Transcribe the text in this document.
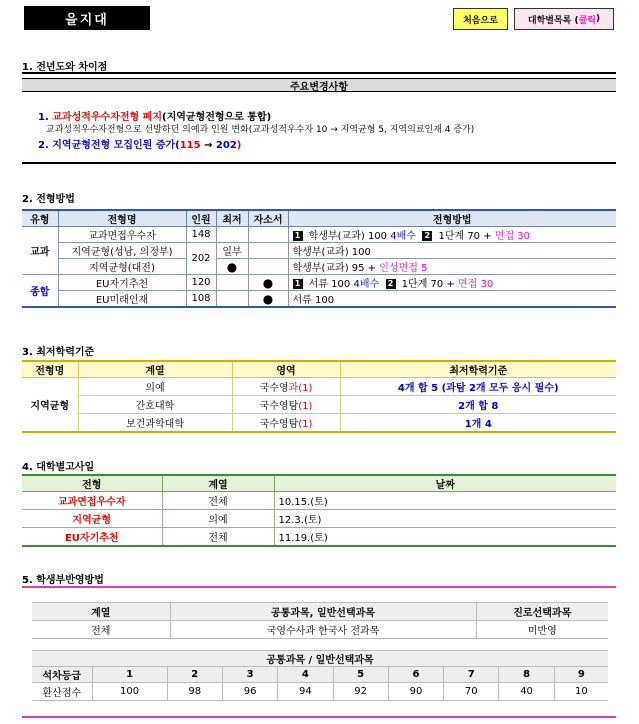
을지대	처음으로	대학별목록 ( 클릭 )
1. 전년도와 차이점
주요변경사항
1. 교과성적우수자전형 폐지(지역균형전형으로 통합)
교과성적우수자전형으로 선발하던 의예과 인원 변화(교과성적우수자 10 → 지역균형 5, 지역의료인재 4 증가)
2. 지역균형전형 모집인원 증가(115 → 202)
2. 전형방법
유형	전형명	인원	최저	자소서	전형방법
교과	교과면접우수자	148			1 학생부(교과) 100 4배수 2 1단계 70 + 면접 30
	지역균형(성남, 의정부)	202	일부		학생부(교과) 100
	지역균형(대전)		●		학생부(교과) 95 + 인성면접 5
종합	EU자기추천	120		●	1 서류 100 4배수 2 1단계 70 + 면접 30
	EU미래인재	108		●	서류 100
3. 최저학력기준
전형명	계열	영역	최저학력기준
지역균형	의예	국수영과(1)	4개 합 5 (과탐 2개 모두 응시 필수)
	간호대학	국수영탐(1)	2개 합 8
	보건과학대학	국수영탐(1)	1개 4
4. 대학별고사일
전형	계열	날짜
교과면접우수자	전체	10.15.(토)
지역균형	의예	12.3.(토)
EU자기추천	전체	11.19.(토)
5. 학생부반영방법
계열	공통과목, 일반선택과목	진로선택과목
전체	국영수사과 한국사 전과목	미반영
공통과목 / 일반선택과목									
석차등급	1	2	3	4	5	6	7	8	9
환산점수	100	98	96	94	92	90	70	40	10
